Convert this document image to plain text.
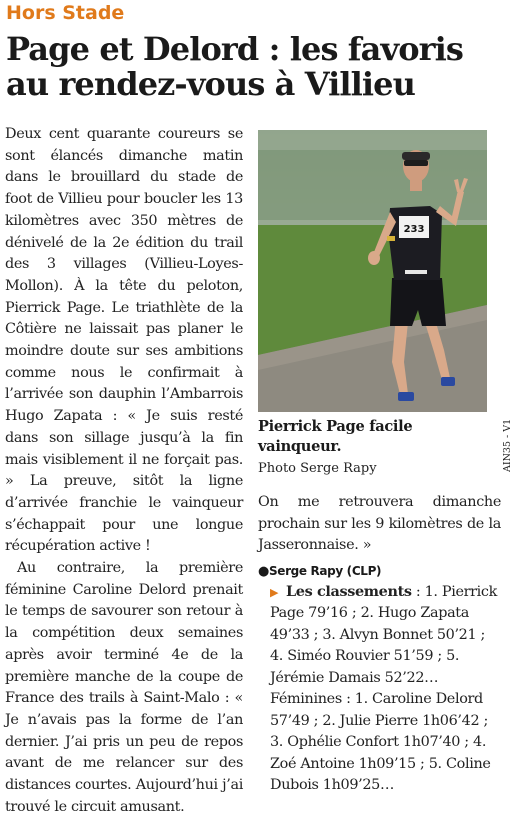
Hors Stade
Page et Delord : les favoris
au rendez-vous à Villieu

Deux cent quarante coureurs se sont élancés dimanche matin dans le brouillard du stade de foot de Villieu pour boucler les 13 kilomètres avec 350 mètres de dénivelé de la 2e édition du trail des 3 villages (Villieu-Loyes-Mollon). À la tête du peloton, Pierrick Page. Le triathlète de la Côtière ne laissait pas planer le moindre doute sur ses ambitions comme nous le confirmait à l’arrivée son dauphin l’Ambarrois Hugo Zapata : « Je suis resté dans son sillage jusqu’à la fin mais visiblement il ne forçait pas. » La preuve, sitôt la ligne d’arrivée franchie le vainqueur s’échappait pour une longue récupération active !

Au contraire, la première féminine Caroline Delord prenait le temps de savourer son retour à la compétition deux semaines après avoir terminé 4e de la première manche de la coupe de France des trails à Saint-Malo : « Je n’avais pas la forme de l’an dernier. J’ai pris un peu de repos avant de me relancer sur des distances courtes. Aujourd’hui j’ai trouvé le circuit amusant.

233
Pierrick Page facile vainqueur.
Photo Serge Rapy

On me retrouvera dimanche prochain sur les 9 kilomètres de la Jasseronnaise. »

●Serge Rapy (CLP)

▶ Les classements : 1. Pierrick Page 79’16 ; 2. Hugo Zapata 49’33 ; 3. Alvyn Bonnet 50’21 ; 4. Siméo Rouvier 51’59 ; 5. Jérémie Damais 52’22… Féminines : 1. Caroline Delord 57’49 ; 2. Julie Pierre 1h06’42 ; 3. Ophélie Confort 1h07’40 ; 4. Zoé Antoine 1h09’15 ; 5. Coline Dubois 1h09’25…

AIN35 - V1
